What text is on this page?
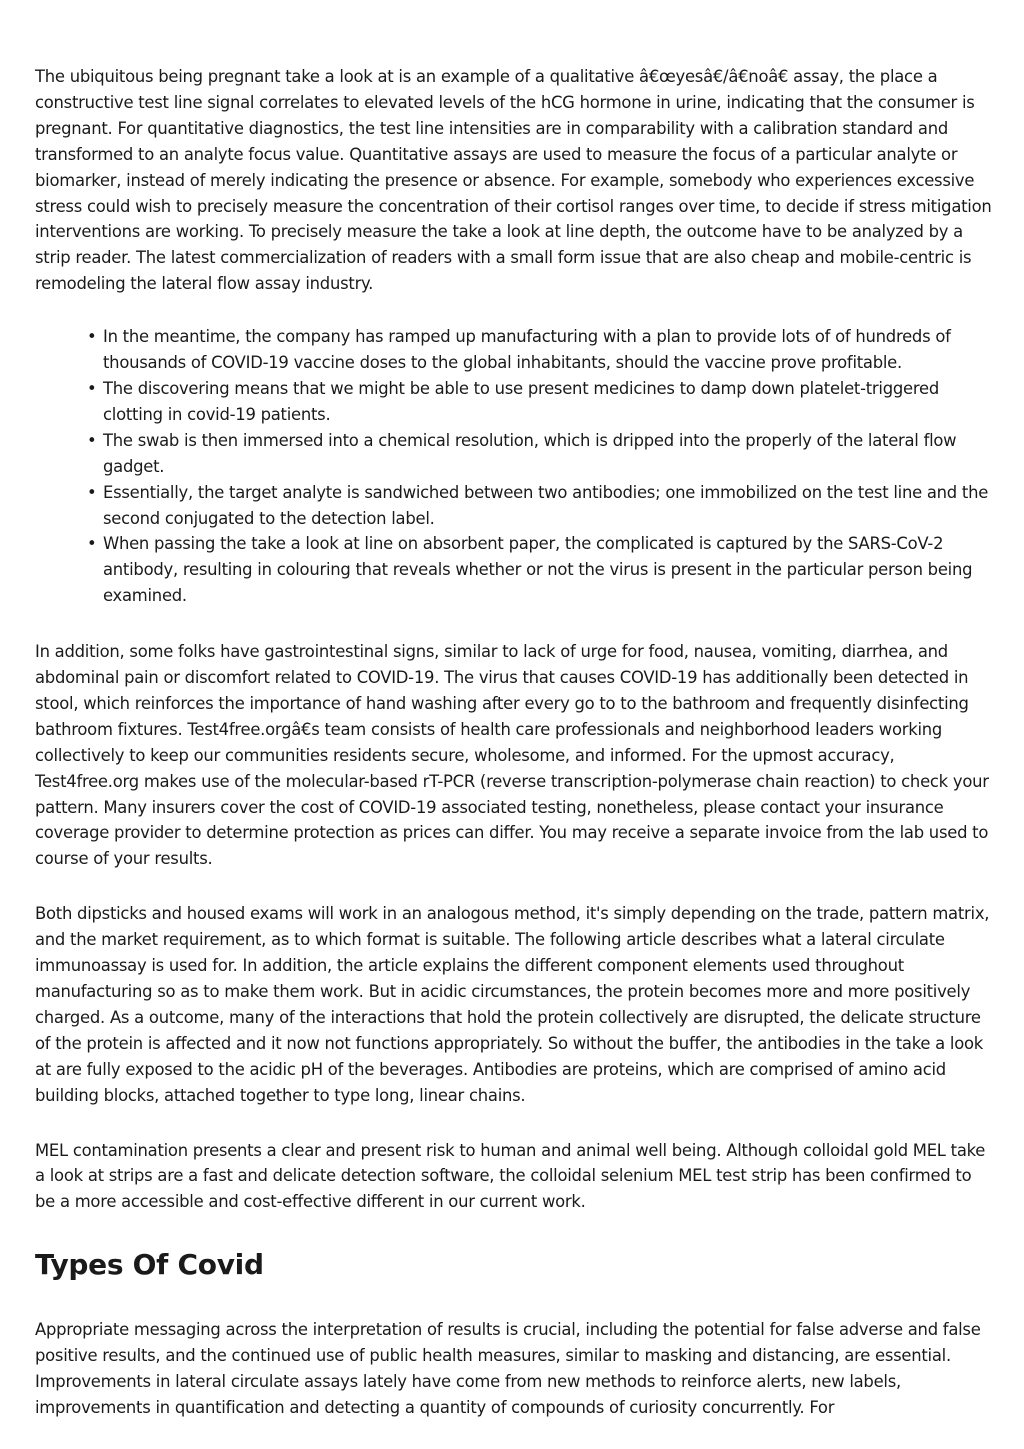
The ubiquitous being pregnant take a look at is an example of a qualitative â€œyesâ€/â€noâ€ assay, the place a constructive test line signal correlates to elevated levels of the hCG hormone in urine, indicating that the consumer is pregnant. For quantitative diagnostics, the test line intensities are in comparability with a calibration standard and transformed to an analyte focus value. Quantitative assays are used to measure the focus of a particular analyte or biomarker, instead of merely indicating the presence or absence. For example, somebody who experiences excessive stress could wish to precisely measure the concentration of their cortisol ranges over time, to decide if stress mitigation interventions are working. To precisely measure the take a look at line depth, the outcome have to be analyzed by a strip reader. The latest commercialization of readers with a small form issue that are also cheap and mobile-centric is remodeling the lateral flow assay industry.

• In the meantime, the company has ramped up manufacturing with a plan to provide lots of of hundreds of thousands of COVID-19 vaccine doses to the global inhabitants, should the vaccine prove profitable.
• The discovering means that we might be able to use present medicines to damp down platelet-triggered clotting in covid-19 patients.
• The swab is then immersed into a chemical resolution, which is dripped into the properly of the lateral flow gadget.
• Essentially, the target analyte is sandwiched between two antibodies; one immobilized on the test line and the second conjugated to the detection label.
• When passing the take a look at line on absorbent paper, the complicated is captured by the SARS-CoV-2 antibody, resulting in colouring that reveals whether or not the virus is present in the particular person being examined.

In addition, some folks have gastrointestinal signs, similar to lack of urge for food, nausea, vomiting, diarrhea, and abdominal pain or discomfort related to COVID-19. The virus that causes COVID-19 has additionally been detected in stool, which reinforces the importance of hand washing after every go to to the bathroom and frequently disinfecting bathroom fixtures. Test4free.orgâ€s team consists of health care professionals and neighborhood leaders working collectively to keep our communities residents secure, wholesome, and informed. For the upmost accuracy, Test4free.org makes use of the molecular-based rT-PCR (reverse transcription-polymerase chain reaction) to check your pattern. Many insurers cover the cost of COVID-19 associated testing, nonetheless, please contact your insurance coverage provider to determine protection as prices can differ. You may receive a separate invoice from the lab used to course of your results.

Both dipsticks and housed exams will work in an analogous method, it's simply depending on the trade, pattern matrix, and the market requirement, as to which format is suitable. The following article describes what a lateral circulate immunoassay is used for. In addition, the article explains the different component elements used throughout manufacturing so as to make them work. But in acidic circumstances, the protein becomes more and more positively charged. As a outcome, many of the interactions that hold the protein collectively are disrupted, the delicate structure of the protein is affected and it now not functions appropriately. So without the buffer, the antibodies in the take a look at are fully exposed to the acidic pH of the beverages. Antibodies are proteins, which are comprised of amino acid building blocks, attached together to type long, linear chains.

MEL contamination presents a clear and present risk to human and animal well being. Although colloidal gold MEL take a look at strips are a fast and delicate detection software, the colloidal selenium MEL test strip has been confirmed to be a more accessible and cost-effective different in our current work.

Types Of Covid

Appropriate messaging across the interpretation of results is crucial, including the potential for false adverse and false positive results, and the continued use of public health measures, similar to masking and distancing, are essential. Improvements in lateral circulate assays lately have come from new methods to reinforce alerts, new labels, improvements in quantification and detecting a quantity of compounds of curiosity concurrently. For
